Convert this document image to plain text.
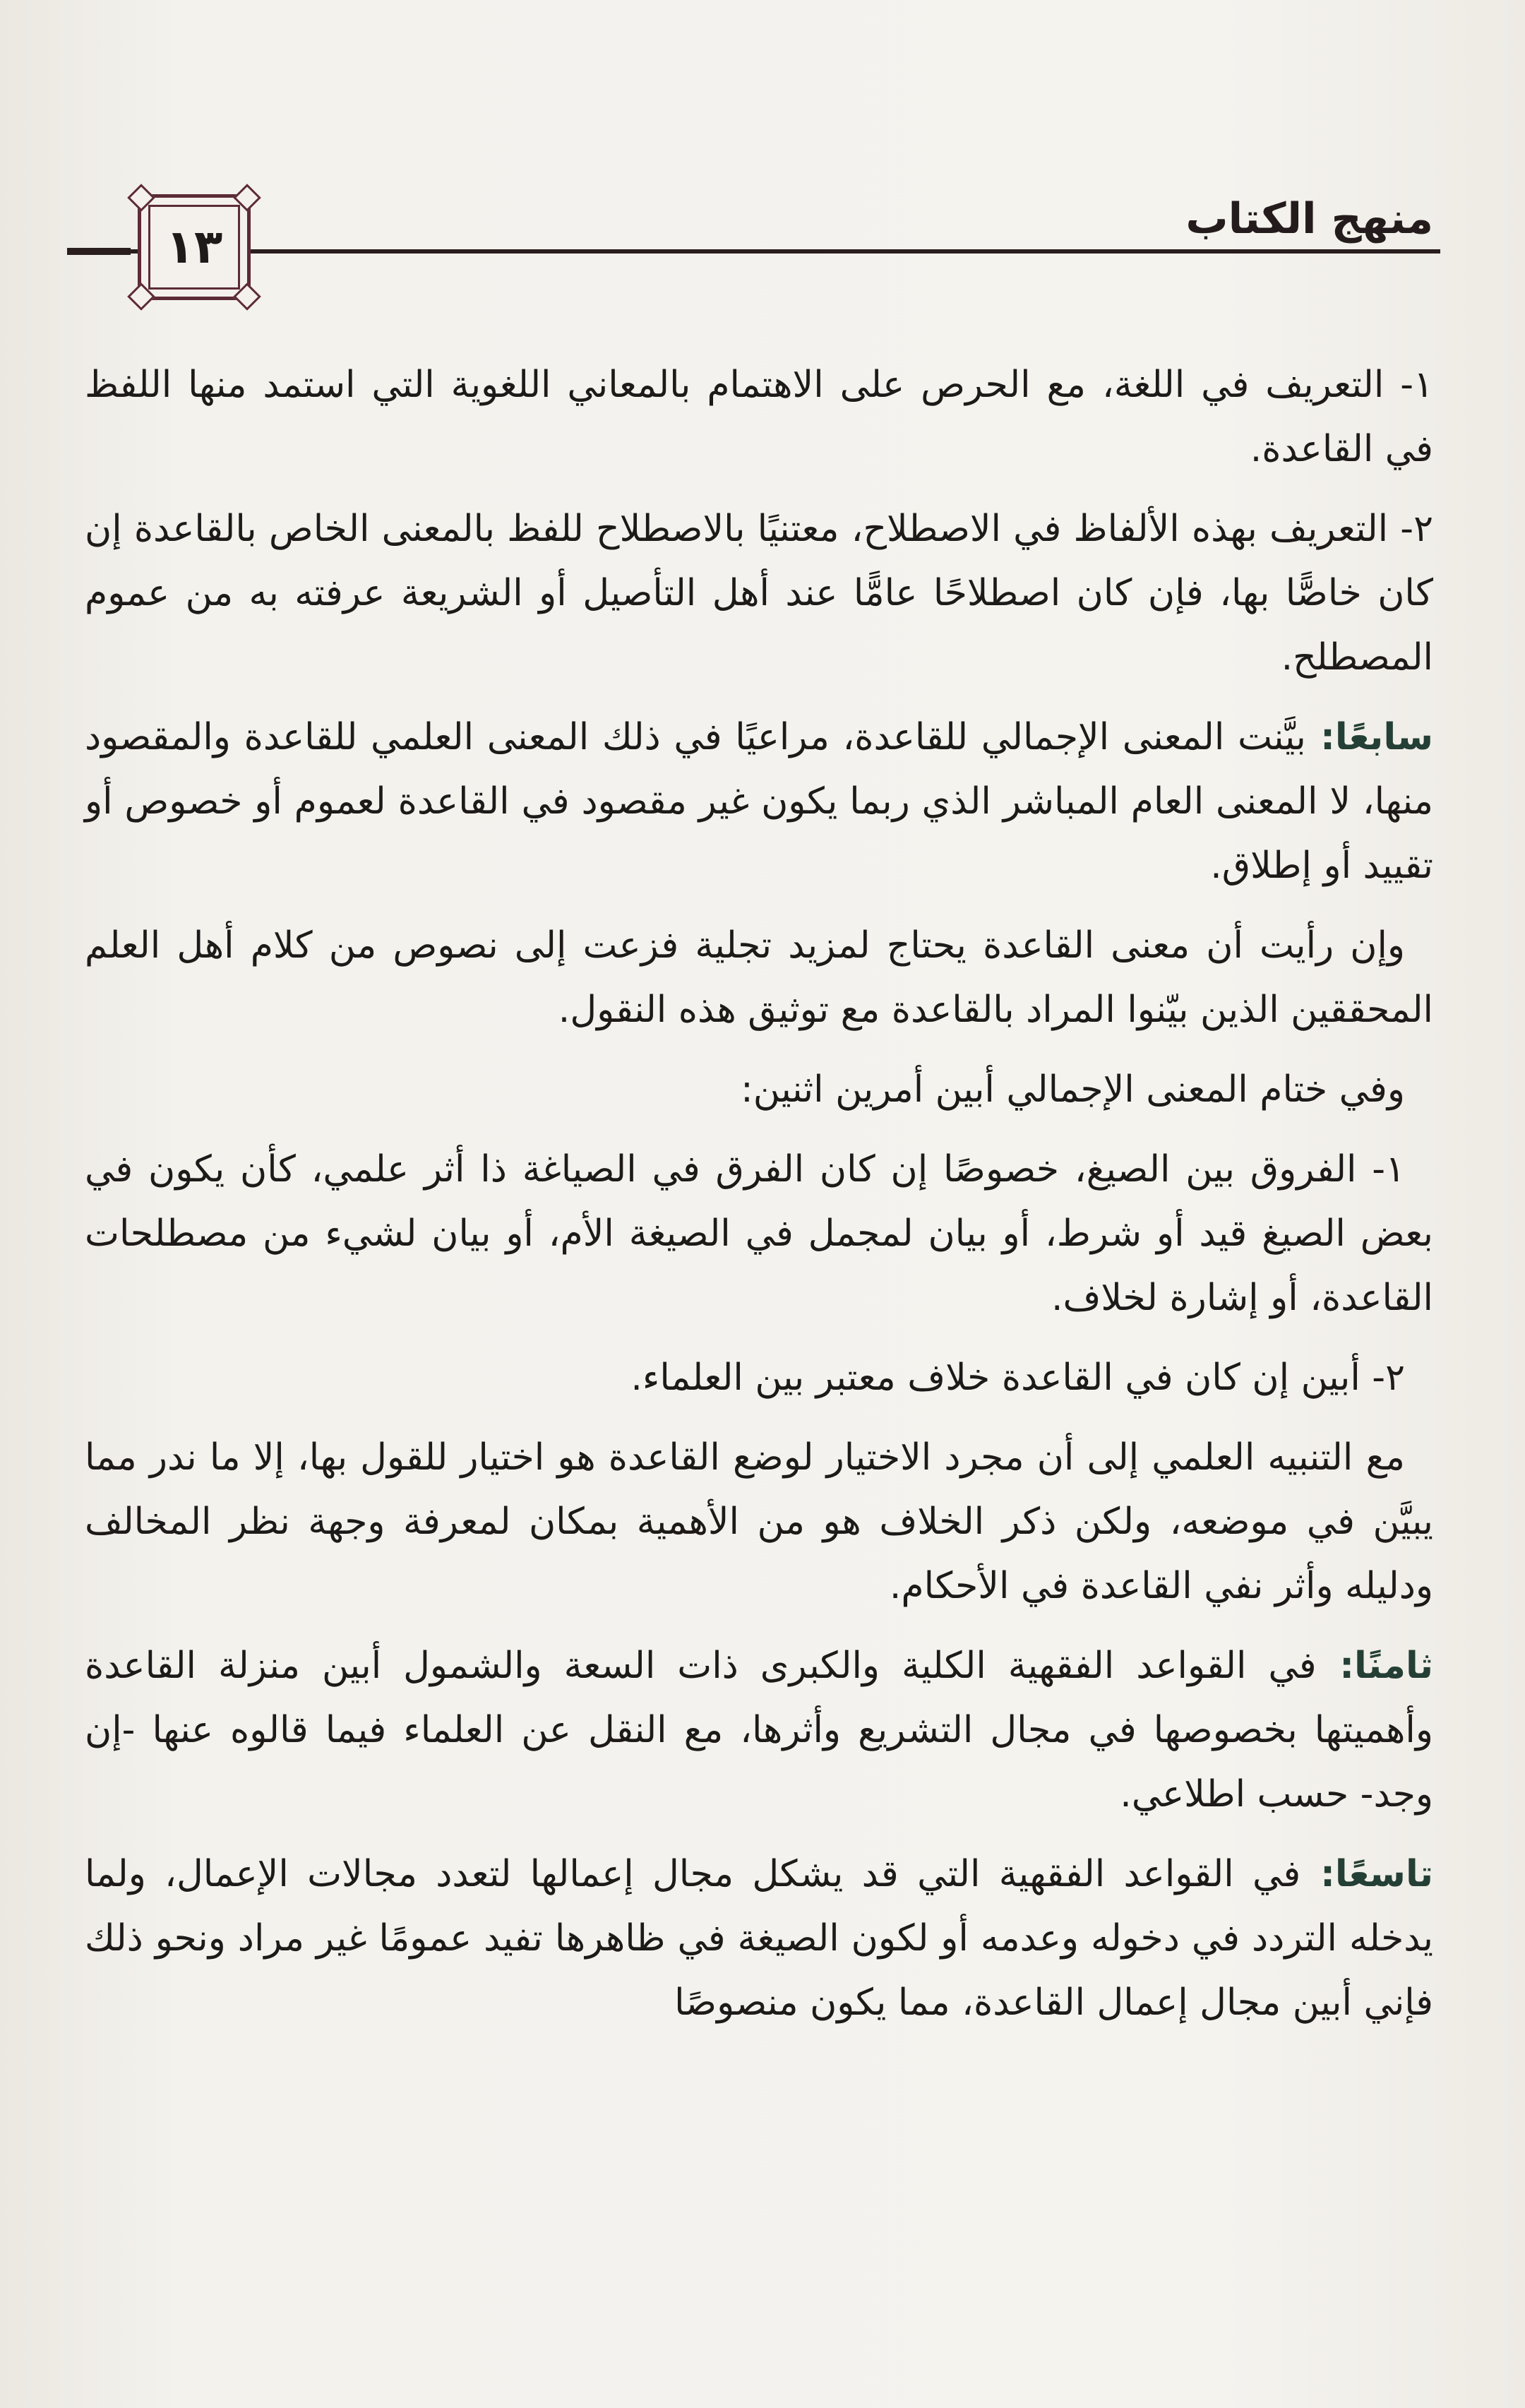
منهج الكتاب
١٣

١- التعريف في اللغة، مع الحرص على الاهتمام بالمعاني اللغوية التي استمد منها اللفظ في القاعدة.

٢- التعريف بهذه الألفاظ في الاصطلاح، معتنيًا بالاصطلاح للفظ بالمعنى الخاص بالقاعدة إن كان خاصًّا بها، فإن كان اصطلاحًا عامًّا عند أهل التأصيل أو الشريعة عرفته به من عموم المصطلح.

سابعًا: بيَّنت المعنى الإجمالي للقاعدة، مراعيًا في ذلك المعنى العلمي للقاعدة والمقصود منها، لا المعنى العام المباشر الذي ربما يكون غير مقصود في القاعدة لعموم أو خصوص أو تقييد أو إطلاق.

وإن رأيت أن معنى القاعدة يحتاج لمزيد تجلية فزعت إلى نصوص من كلام أهل العلم المحققين الذين بيّنوا المراد بالقاعدة مع توثيق هذه النقول.

وفي ختام المعنى الإجمالي أبين أمرين اثنين:

١- الفروق بين الصيغ، خصوصًا إن كان الفرق في الصياغة ذا أثر علمي، كأن يكون في بعض الصيغ قيد أو شرط، أو بيان لمجمل في الصيغة الأم، أو بيان لشيء من مصطلحات القاعدة، أو إشارة لخلاف.

٢- أبين إن كان في القاعدة خلاف معتبر بين العلماء.

مع التنبيه العلمي إلى أن مجرد الاختيار لوضع القاعدة هو اختيار للقول بها، إلا ما ندر مما يبيَّن في موضعه، ولكن ذكر الخلاف هو من الأهمية بمكان لمعرفة وجهة نظر المخالف ودليله وأثر نفي القاعدة في الأحكام.

ثامنًا: في القواعد الفقهية الكلية والكبرى ذات السعة والشمول أبين منزلة القاعدة وأهميتها بخصوصها في مجال التشريع وأثرها، مع النقل عن العلماء فيما قالوه عنها -إن وجد- حسب اطلاعي.

تاسعًا: في القواعد الفقهية التي قد يشكل مجال إعمالها لتعدد مجالات الإعمال، ولما يدخله التردد في دخوله وعدمه أو لكون الصيغة في ظاهرها تفيد عمومًا غير مراد ونحو ذلك فإني أبين مجال إعمال القاعدة، مما يكون منصوصًا
